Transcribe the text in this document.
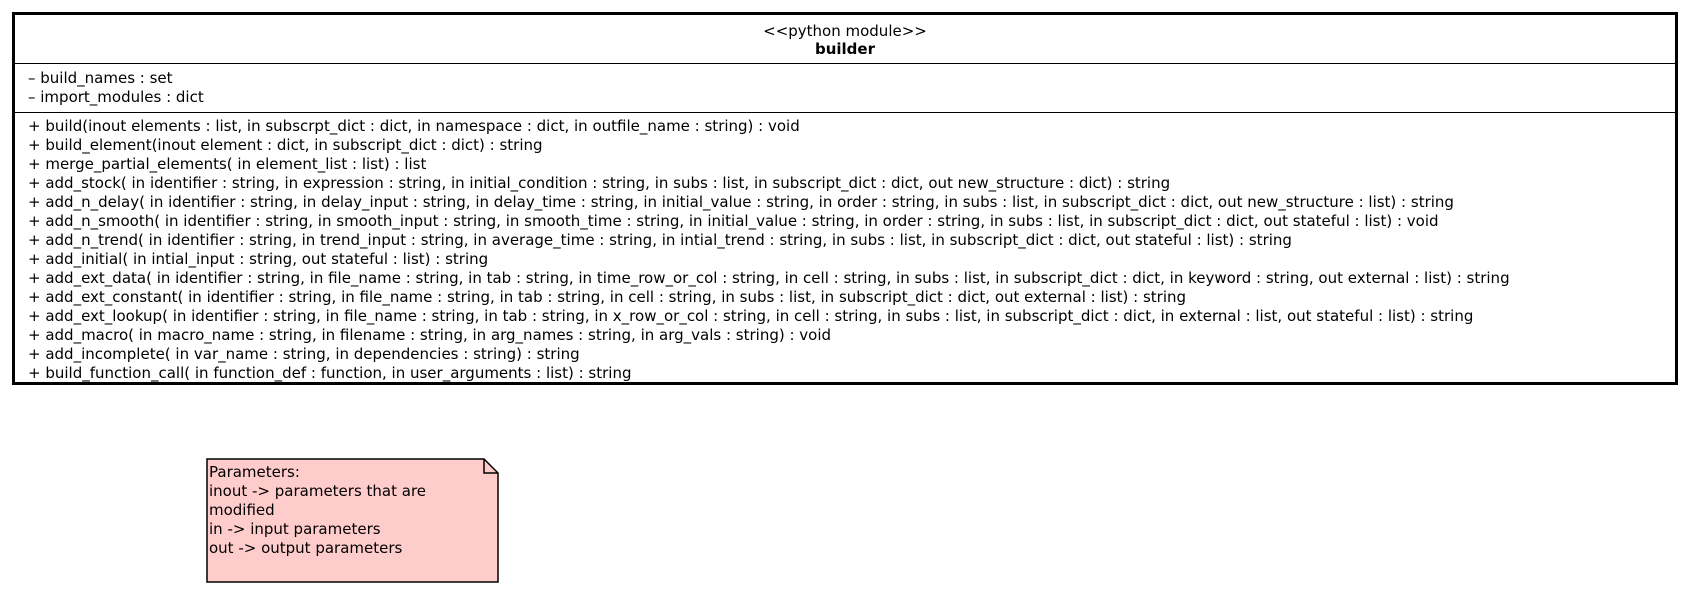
<<python module>>
builder
– build_names : set
– import_modules : dict
+ build(inout elements : list, in subscrpt_dict : dict, in namespace : dict, in outfile_name : string) : void
+ build_element(inout element : dict, in subscript_dict : dict) : string
+ merge_partial_elements( in element_list : list) : list
+ add_stock( in identifier : string, in expression : string, in initial_condition : string, in subs : list, in subscript_dict : dict, out new_structure : dict) : string
+ add_n_delay( in identifier : string, in delay_input : string, in delay_time : string, in initial_value : string, in order : string, in subs : list, in subscript_dict : dict, out new_structure : list) : string
+ add_n_smooth( in identifier : string, in smooth_input : string, in smooth_time : string, in initial_value : string, in order : string, in subs : list, in subscript_dict : dict, out stateful : list) : void
+ add_n_trend( in identifier : string, in trend_input : string, in average_time : string, in intial_trend : string, in subs : list, in subscript_dict : dict, out stateful : list) : string
+ add_initial( in intial_input : string, out stateful : list) : string
+ add_ext_data( in identifier : string, in file_name : string, in tab : string, in time_row_or_col : string, in cell : string, in subs : list, in subscript_dict : dict, in keyword : string, out external : list) : string
+ add_ext_constant( in identifier : string, in file_name : string, in tab : string, in cell : string, in subs : list, in subscript_dict : dict, out external : list) : string
+ add_ext_lookup( in identifier : string, in file_name : string, in tab : string, in x_row_or_col : string, in cell : string, in subs : list, in subscript_dict : dict, in external : list, out stateful : list) : string
+ add_macro( in macro_name : string, in filename : string, in arg_names : string, in arg_vals : string) : void
+ add_incomplete( in var_name : string, in dependencies : string) : string
+ build_function_call( in function_def : function, in user_arguments : list) : string
Parameters:
inout -> parameters that are
modified
in -> input parameters
out -> output parameters
